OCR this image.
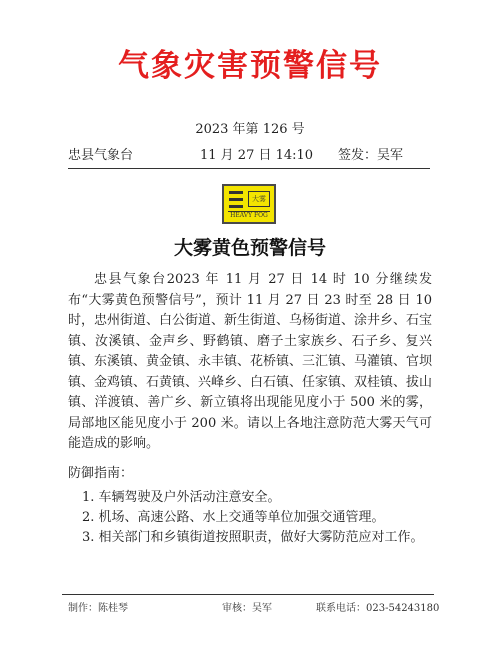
气象灾害预警信号
2023 年第 126 号
忠县气象台	11 月 27 日 14:10 签发：吴军
大雾
HEAVY FOG
大雾黄色预警信号
忠县气象台2023 年 11 月 27 日 14 时 10 分继续发布“大雾黄色预警信号”，预计 11 月 27 日 23 时至 28 日 10 时，忠州街道、白公街道、新生街道、乌杨街道、涂井乡、石宝镇、汝溪镇、金声乡、野鹤镇、磨子土家族乡、石子乡、复兴镇、东溪镇、黄金镇、永丰镇、花桥镇、三汇镇、马灌镇、官坝镇、金鸡镇、石黄镇、兴峰乡、白石镇、任家镇、双桂镇、拔山镇、洋渡镇、善广乡、新立镇将出现能见度小于 500 米的雾，局部地区能见度小于 200 米。请以上各地注意防范大雾天气可能造成的影响。
防御指南：
1. 车辆驾驶及户外活动注意安全。
2. 机场、高速公路、水上交通等单位加强交通管理。
3. 相关部门和乡镇街道按照职责，做好大雾防范应对工作。
制作：陈桂琴	审核：吴军	联系电话：023-54243180
